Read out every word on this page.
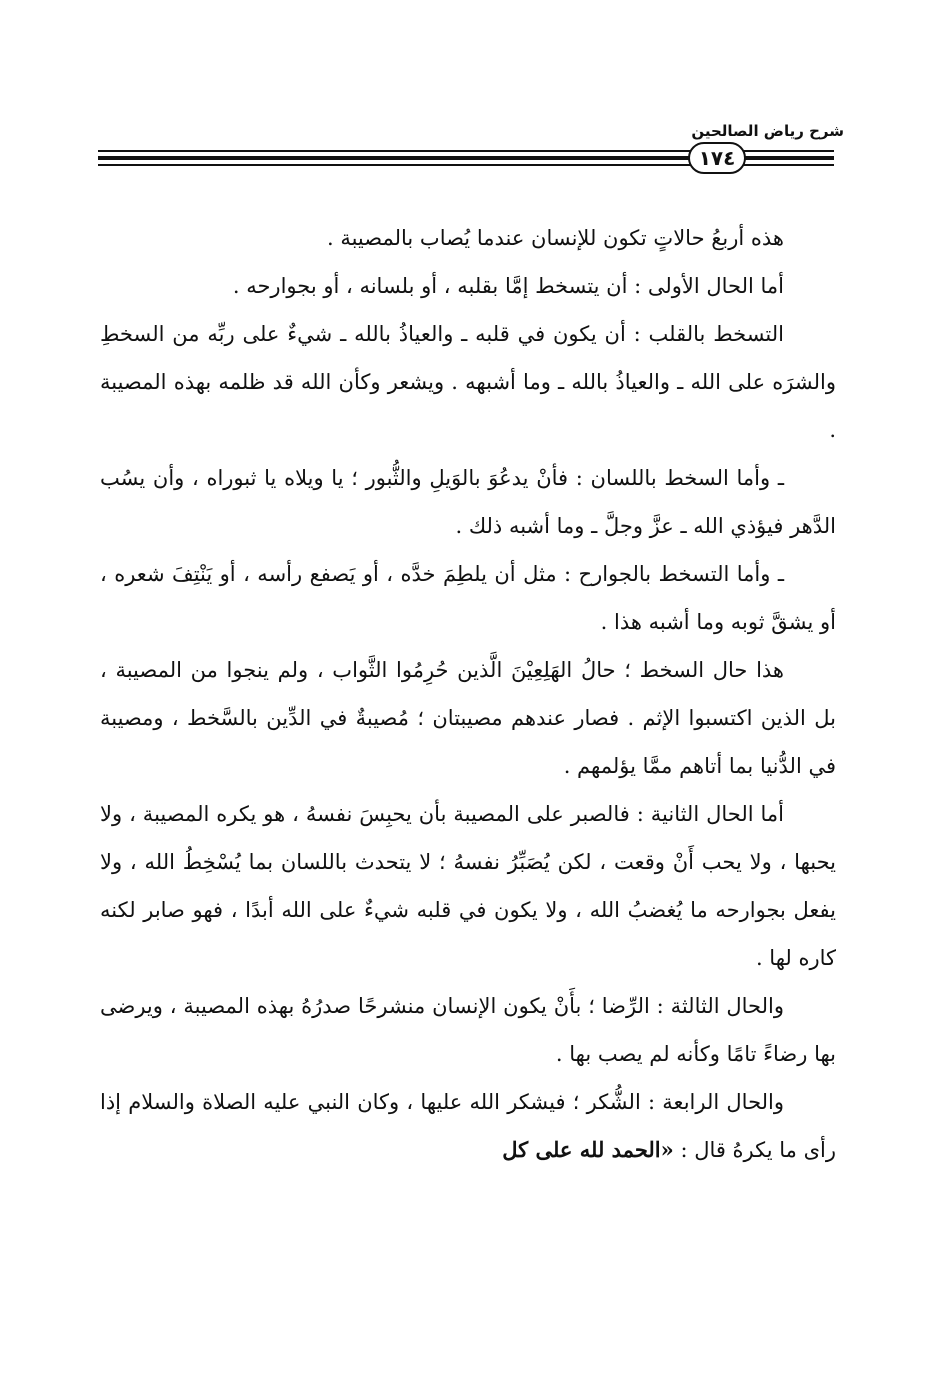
شرح رياض الصالحين
١٧٤

هذه أربعُ حالاتٍ تكون للإنسان عندما يُصاب بالمصيبة .

أما الحال الأولى : أن يتسخط إمَّا بقلبه ، أو بلسانه ، أو بجوارحه .

التسخط بالقلب : أن يكون في قلبه ـ والعياذُ بالله ـ شيءٌ على ربِّه من السخطِ والشرَه على الله ـ والعياذُ بالله ـ وما أشبهه . ويشعر وكأن الله قد ظلمه بهذه المصيبة .

ـ وأما السخط باللسان : فأنْ يدعُوَ بالوَيلِ والثُّبور ؛ يا ويلاه يا ثبوراه ، وأن يسُب الدَّهر فيؤذي الله ـ عزَّ وجلَّ ـ وما أشبه ذلك .

ـ وأما التسخط بالجوارح : مثل أن يلطِمَ خدَّه ، أو يَصفع رأسه ، أو يَنْتِفَ شعره ، أو يشقَّ ثوبه وما أشبه هذا .

هذا حال السخط ؛ حالُ الهَلِعِيْنَ الَّذين حُرِمُوا الثَّواب ، ولم ينجوا من المصيبة ، بل الذين اكتسبوا الإثم . فصار عندهم مصيبتان ؛ مُصيبةٌ في الدِّين بالسَّخط ، ومصيبة في الدُّنيا بما أتاهم ممَّا يؤلمهم .

أما الحال الثانية : فالصبر على المصيبة بأن يحبِسَ نفسهُ ، هو يكره المصيبة ، ولا يحبها ، ولا يحب أَنْ وقعت ، لكن يُصَبِّرُ نفسهُ ؛ لا يتحدث باللسان بما يُسْخِطُ الله ، ولا يفعل بجوارحه ما يُغضبُ الله ، ولا يكون في قلبه شيءٌ على الله أبدًا ، فهو صابر لكنه كاره لها .

والحال الثالثة : الرِّضا ؛ بأَنْ يكون الإنسان منشرحًا صدرُهُ بهذه المصيبة ، ويرضى بها رضاءً تامًا وكأنه لم يصب بها .

والحال الرابعة : الشُّكر ؛ فيشكر الله عليها ، وكان النبي عليه الصلاة والسلام إذا رأى ما يكرهُ قال : «الحمد لله على كل
